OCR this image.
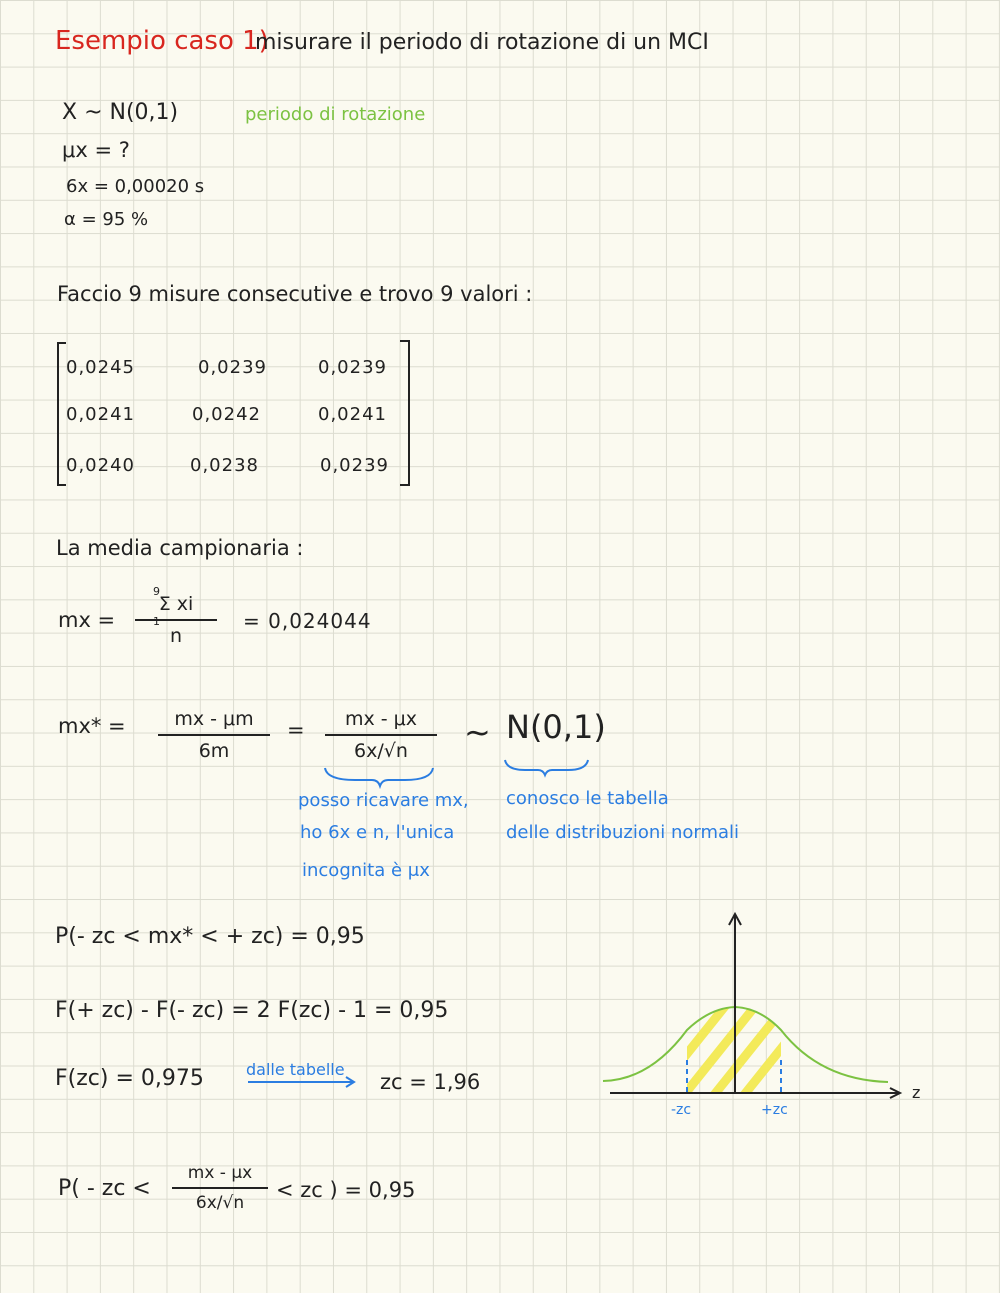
Esempio caso 1)
misurare il periodo di rotazione di un MCI
X ~ N(0,1)	periodo di rotazione
μx = ?
6x = 0,00020 s
α = 95 %
Faccio 9 misure consecutive e trovo 9 valori :
0,0245	0,0239	0,0239
0,0241	0,0242	0,0241
0,0240	0,0238	0,0239
La media campionaria :
mx =
9
1
$\frac{\text{Σ xi}}{n} = 0,024044$
$mx* = \frac{mx - \mu m}{6m} = \frac{mx - \mu x}{6x/√n}$ ~ N(0,1)
posso ricavare mx,
ho 6x e n, l'unica
incognita è μx
conosco le tabella
delle distribuzioni normali
P(- zc < mx* < + zc) = 0,95
F(+ zc) - F(- zc) = 2 F(zc) - 1 = 0,95
F(zc) = 0,975	dalle tabelle
zc = 1,96
P( - zc < $\frac{mx - \mu x}{6x/√n}$ < zc ) = 0,95
z
-zc	+zc
